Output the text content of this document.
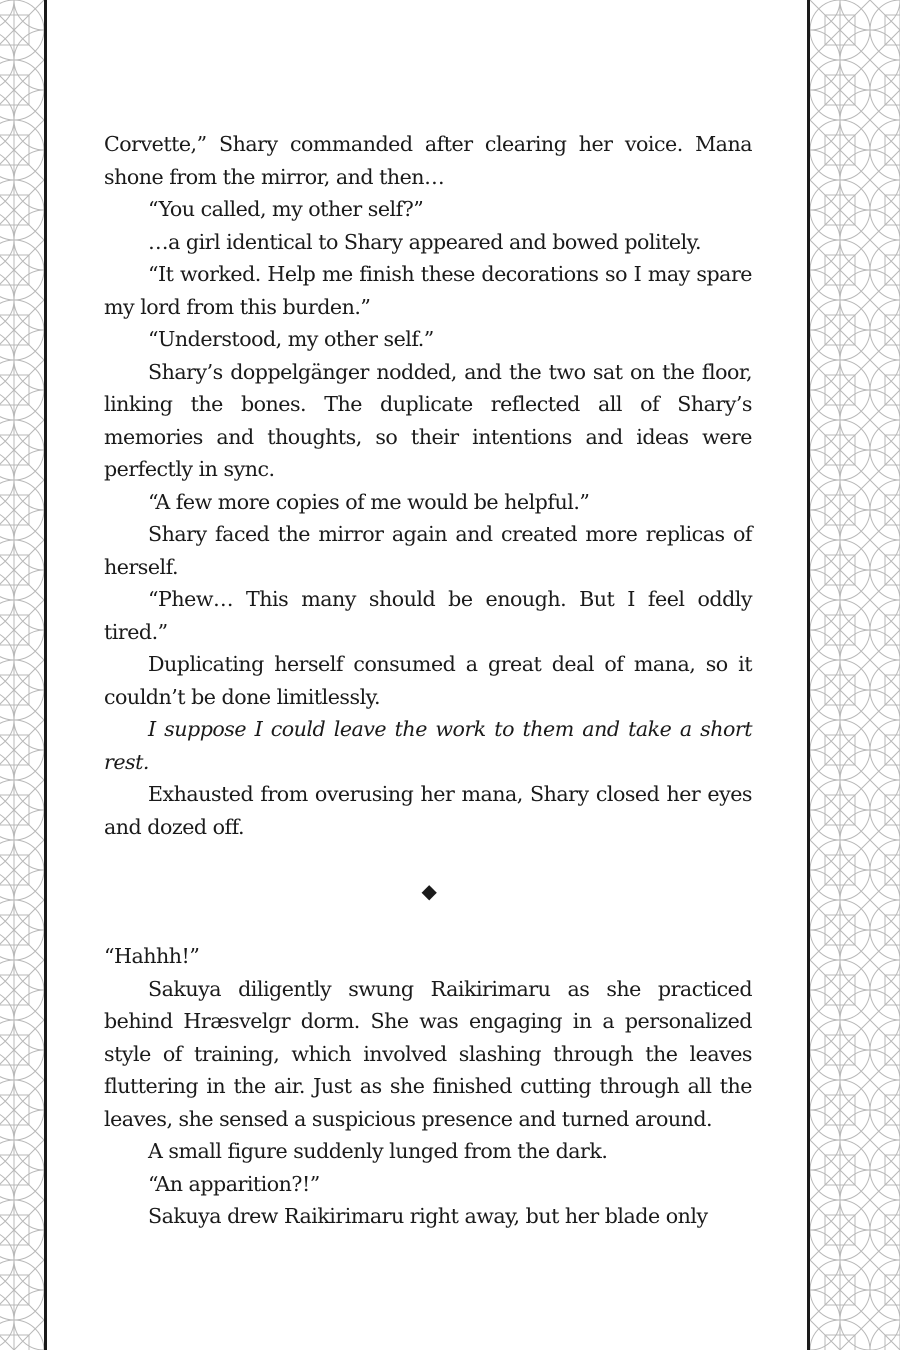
Corvette,” Shary commanded after clearing her voice. Mana shone from the mirror, and then…

“You called, my other self?”

…a girl identical to Shary appeared and bowed politely.

“It worked. Help me finish these decorations so I may spare my lord from this burden.”

“Understood, my other self.”

Shary’s doppelgänger nodded, and the two sat on the floor, linking the bones. The duplicate reflected all of Shary’s memories and thoughts, so their intentions and ideas were perfectly in sync.

“A few more copies of me would be helpful.”

Shary faced the mirror again and created more replicas of herself.

“Phew… This many should be enough. But I feel oddly tired.”

Duplicating herself consumed a great deal of mana, so it couldn’t be done limitlessly.

I suppose I could leave the work to them and take a short rest.

Exhausted from overusing her mana, Shary closed her eyes and dozed off.

◆

“Hahhh!”

Sakuya diligently swung Raikirimaru as she practiced behind Hræsvelgr dorm. She was engaging in a personalized style of training, which involved slashing through the leaves fluttering in the air. Just as she finished cutting through all the leaves, she sensed a suspicious presence and turned around.

A small figure suddenly lunged from the dark.

“An apparition?!”

Sakuya drew Raikirimaru right away, but her blade only
